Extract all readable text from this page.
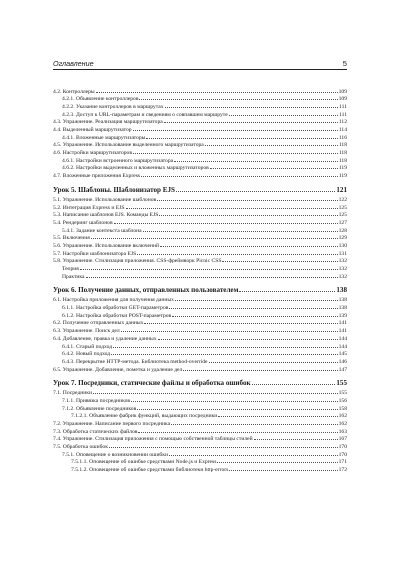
Оглавление	5
4.2. Контроллеры	109
4.2.1. Объявление контроллеров	109
4.2.2. Указание контроллеров в маршрутах	111
4.2.3. Доступ к URL-параметрам и сведениям о совпавшем маршруте	111
4.3. Упражнение. Реализация маршрутизатора	112
4.4. Выделенный маршрутизатор	114
4.4.1. Вложенные маршрутизаторы	116
4.5. Упражнение. Использование выделенного маршрутизатора	118
4.6. Настройки маршрутизаторов	118
4.6.1. Настройки встроенного маршрутизатора	118
4.6.2. Настройки выделенных и вложенных маршрутизаторов	119
4.7. Вложенные приложения Express	119
Урок 5. Шаблоны. Шаблонизатор EJS	121
5.1. Упражнение. Использование шаблонов	122
5.2. Интеграция Express и EJS	125
5.3. Написание шаблонов EJS. Команды EJS	125
5.4. Рендеринг шаблонов	127
5.4.1. Задание контекста шаблона	128
5.5. Включения	129
5.6. Упражнение. Использование включений	130
5.7. Настройки шаблонизатора EJS	131
5.8. Упражнение. Стилизация приложения. CSS-фреймворк Picnic CSS	132
Теория	132
Практика	132
Урок 6. Получение данных, отправленных пользователем	138
6.1. Настройка приложения для получения данных	138
6.1.1. Настройка обработки GET-параметров	138
6.1.2. Настройка обработки POST-параметров	139
6.2. Получение отправленных данных	141
6.3. Упражнение. Поиск дел	141
6.4. Добавление, правка и удаление данных	144
6.4.1. Старый подход	144
6.4.2. Новый подход	145
6.4.3. Перекрытие HTTP-метода. Библиотека method-override	146
6.5. Упражнение. Добавление, пометка и удаление дел	147
Урок 7. Посредники, статические файлы и обработка ошибок	155
7.1. Посредники	155
7.1.1. Привязка посредников	156
7.1.2. Объявление посредников	158
7.1.2.1. Объявление фабрик функций, выдающих посредники	162
7.2. Упражнение. Написание первого посредника	162
7.3. Обработка статических файлов	163
7.4. Упражнение. Стилизация приложения с помощью собственной таблицы стилей	167
7.5. Обработка ошибок	170
7.5.1. Оповещение о возникновении ошибки	170
7.5.1.1. Оповещение об ошибке средствами Node.js и Express	171
7.5.1.2. Оповещение об ошибке средствами библиотеки http-errors	172
